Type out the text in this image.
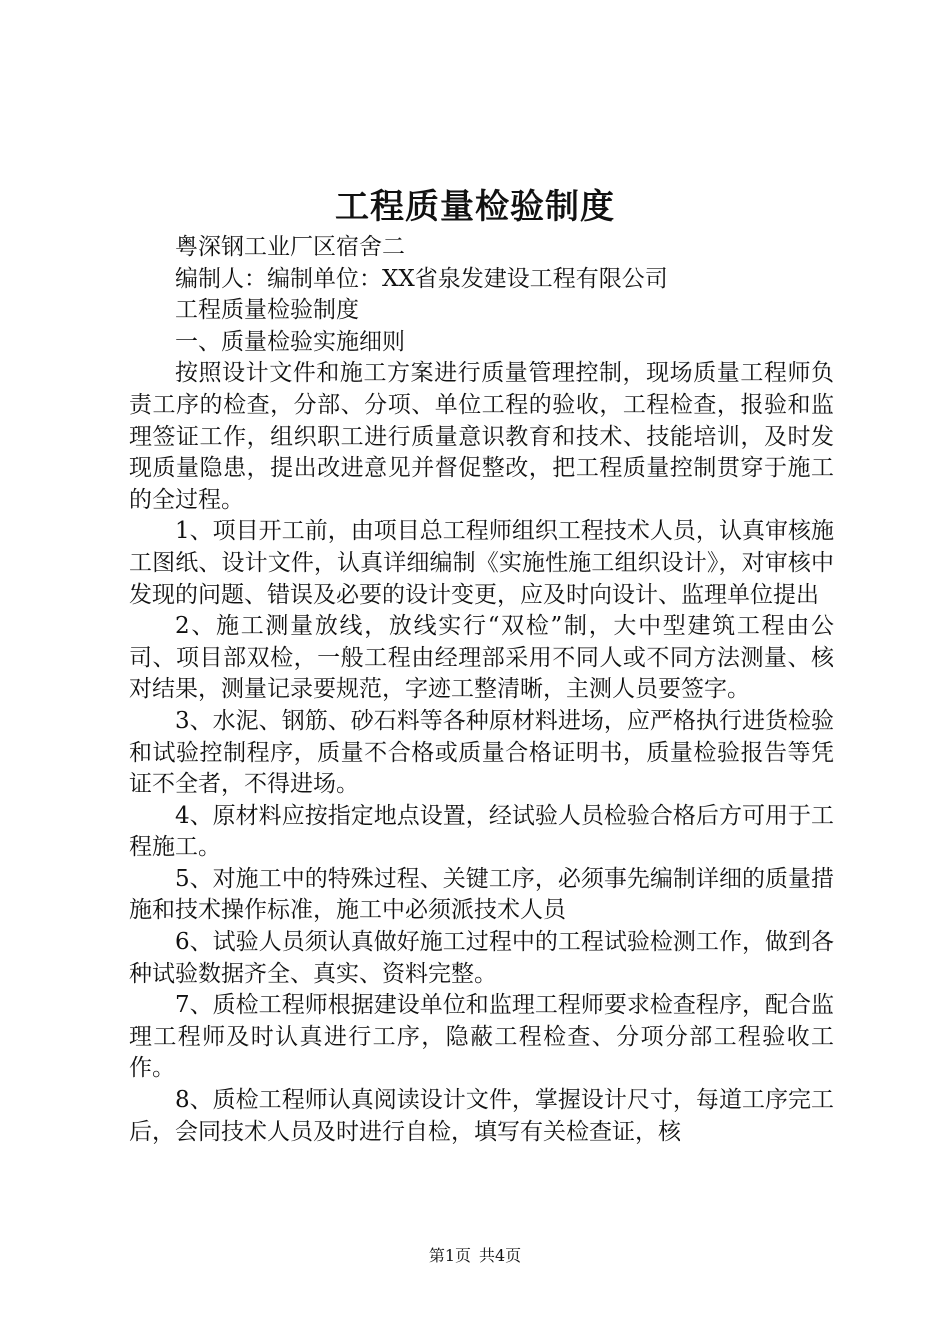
工程质量检验制度

粤深钢工业厂区宿舍二

编制人：编制单位：XX省泉发建设工程有限公司

工程质量检验制度

一、质量检验实施细则

按照设计文件和施工方案进行质量管理控制，现场质量工程师负责工序的检查，分部、分项、单位工程的验收，工程检查，报验和监理签证工作，组织职工进行质量意识教育和技术、技能培训，及时发现质量隐患，提出改进意见并督促整改，把工程质量控制贯穿于施工的全过程。

1、项目开工前，由项目总工程师组织工程技术人员，认真审核施工图纸、设计文件，认真详细编制《实施性施工组织设计》，对审核中发现的问题、错误及必要的设计变更，应及时向设计、监理单位提出

2、施工测量放线，放线实行“双检”制，大中型建筑工程由公司、项目部双检，一般工程由经理部采用不同人或不同方法测量、核对结果，测量记录要规范，字迹工整清晰，主测人员要签字。

3、水泥、钢筋、砂石料等各种原材料进场，应严格执行进货检验和试验控制程序，质量不合格或质量合格证明书，质量检验报告等凭证不全者，不得进场。

4、原材料应按指定地点设置，经试验人员检验合格后方可用于工程施工。

5、对施工中的特殊过程、关键工序，必须事先编制详细的质量措施和技术操作标准，施工中必须派技术人员

6、试验人员须认真做好施工过程中的工程试验检测工作，做到各种试验数据齐全、真实、资料完整。

7、质检工程师根据建设单位和监理工程师要求检查程序，配合监理工程师及时认真进行工序，隐蔽工程检查、分项分部工程验收工作。

8、质检工程师认真阅读设计文件，掌握设计尺寸，每道工序完工后，会同技术人员及时进行自检，填写有关检查证，核

第1页 共4页
